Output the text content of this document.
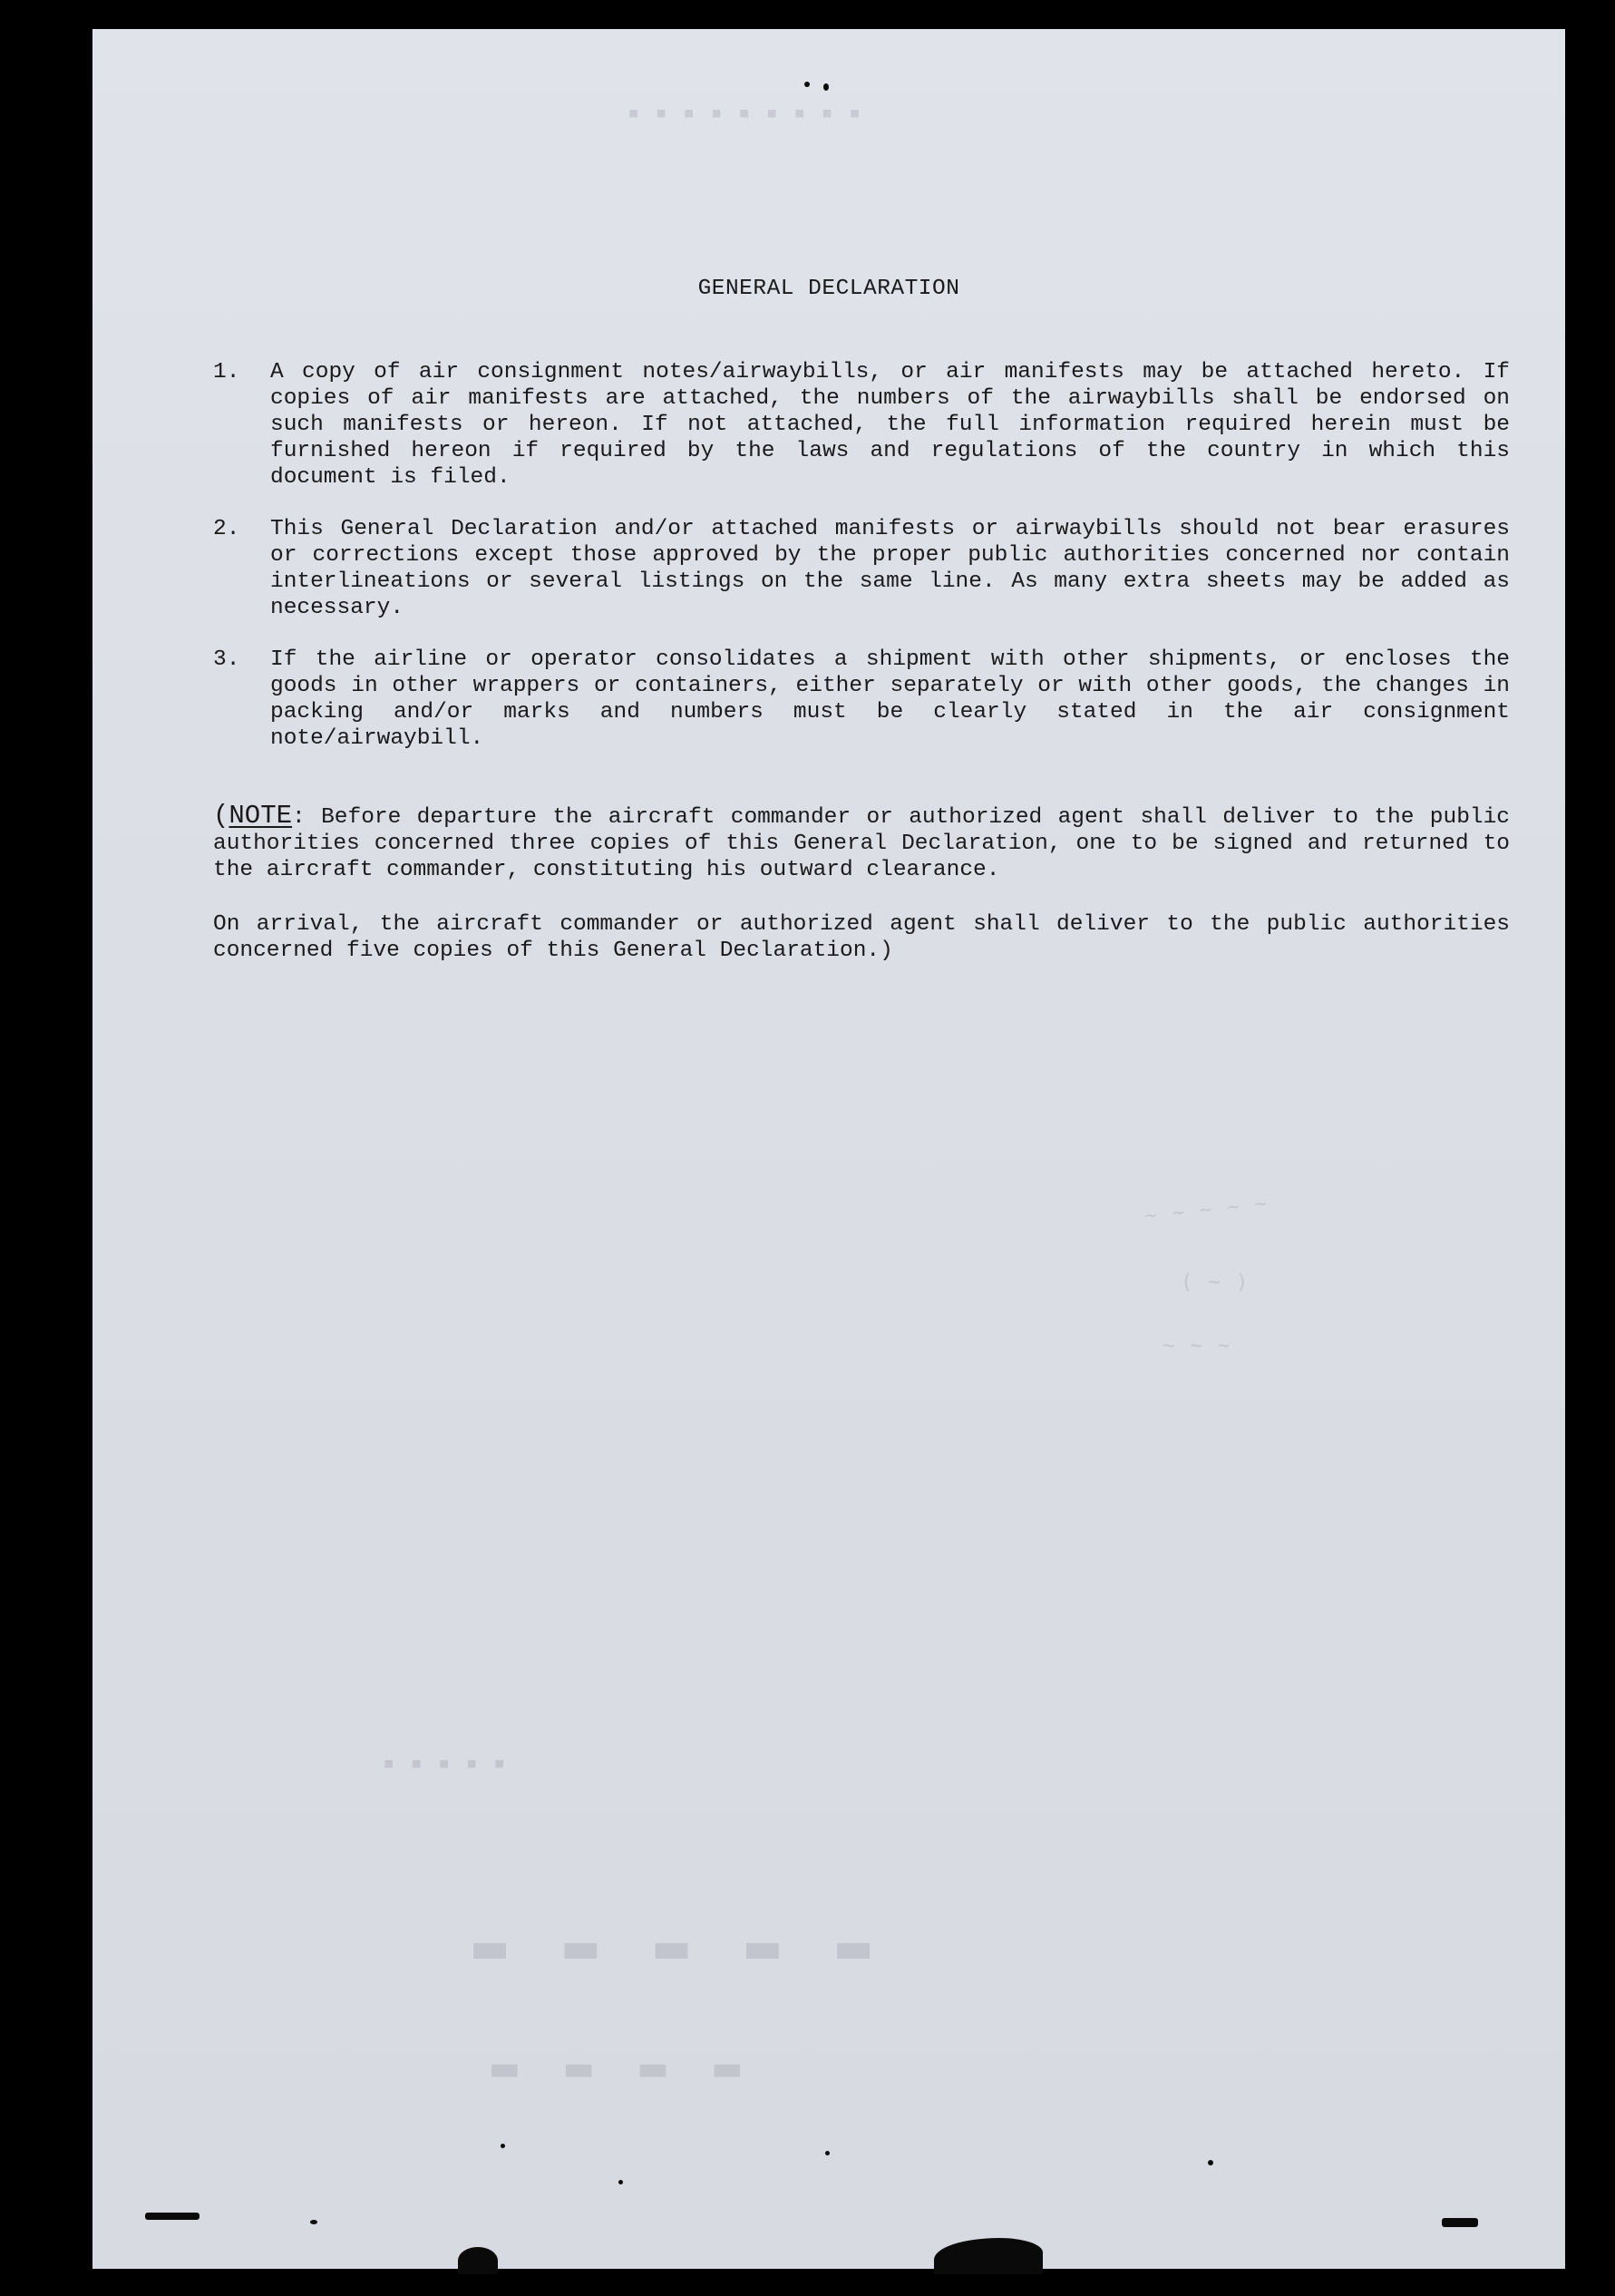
▪ ▪ ▪ ▪ ▪ ▪ ▪ ▪ ▪
~ ~ ~ ~ ~
( ~ )
~ ~ ~
▪ ▪ ▪ ▪ ▪
▬ ▬ ▬ ▬ ▬
▬ ▬ ▬ ▬
GENERAL DECLARATION
1.	A copy of air consignment notes/airwaybills, or air manifests may be attached hereto. If copies of air manifests are attached, the numbers of the airwaybills shall be endorsed on such manifests or hereon. If not attached, the full information required herein must be furnished hereon if required by the laws and regulations of the country in which this document is filed.
2.	This General Declaration and/or attached manifests or airwaybills should not bear erasures or corrections except those approved by the proper public authorities concerned nor contain interlineations or several listings on the same line. As many extra sheets may be added as necessary.
3.	If the airline or operator consolidates a shipment with other shipments, or encloses the goods in other wrappers or containers, either separately or with other goods, the changes in packing and/or marks and numbers must be clearly stated in the air consignment note/airwaybill.
(NOTE: Before departure the aircraft commander or authorized agent shall deliver to the public authorities concerned three copies of this General Declaration, one to be signed and returned to the aircraft commander, constituting his outward clearance.
On arrival, the aircraft commander or authorized agent shall deliver to the public authorities concerned five copies of this General Declaration.)
